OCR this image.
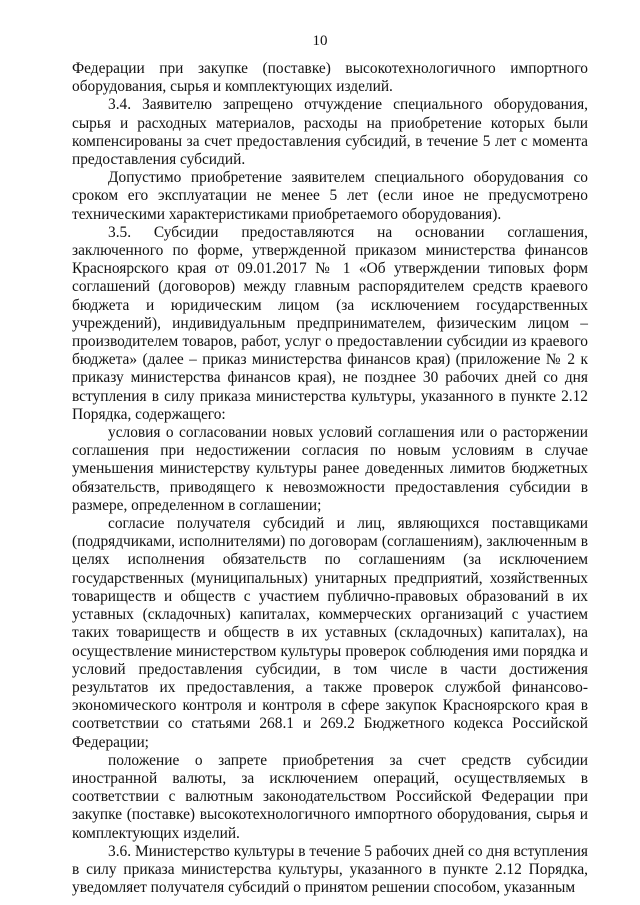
10

Федерации при закупке (поставке) высокотехнологичного импортного оборудования, сырья и комплектующих изделий.

3.4. Заявителю запрещено отчуждение специального оборудования, сырья и расходных материалов, расходы на приобретение которых были компенсированы за счет предоставления субсидий, в течение 5 лет с момента предоставления субсидий.

Допустимо приобретение заявителем специального оборудования со сроком его эксплуатации не менее 5 лет (если иное не предусмотрено техническими характеристиками приобретаемого оборудования).

3.5. Субсидии предоставляются на основании соглашения, заключенного по форме, утвержденной приказом министерства финансов Красноярского края от 09.01.2017 № 1 «Об утверждении типовых форм соглашений (договоров) между главным распорядителем средств краевого бюджета и юридическим лицом (за исключением государственных учреждений), индивидуальным предпринимателем, физическим лицом – производителем товаров, работ, услуг о предоставлении субсидии из краевого бюджета» (далее – приказ министерства финансов края) (приложение № 2 к приказу министерства финансов края), не позднее 30 рабочих дней со дня вступления в силу приказа министерства культуры, указанного в пункте 2.12 Порядка, содержащего:

условия о согласовании новых условий соглашения или о расторжении соглашения при недостижении согласия по новым условиям в случае уменьшения министерству культуры ранее доведенных лимитов бюджетных обязательств, приводящего к невозможности предоставления субсидии в размере, определенном в соглашении;

согласие получателя субсидий и лиц, являющихся поставщиками (подрядчиками, исполнителями) по договорам (соглашениям), заключенным в целях исполнения обязательств по соглашениям (за исключением государственных (муниципальных) унитарных предприятий, хозяйственных товариществ и обществ с участием публично-правовых образований в их уставных (складочных) капиталах, коммерческих организаций с участием таких товариществ и обществ в их уставных (складочных) капиталах), на осуществление министерством культуры проверок соблюдения ими порядка и условий предоставления субсидии, в том числе в части достижения результатов их предоставления, а также проверок службой финансово-экономического контроля и контроля в сфере закупок Красноярского края в соответствии со статьями 268.1 и 269.2 Бюджетного кодекса Российской Федерации;

положение о запрете приобретения за счет средств субсидии иностранной валюты, за исключением операций, осуществляемых в соответствии с валютным законодательством Российской Федерации при закупке (поставке) высокотехнологичного импортного оборудования, сырья и комплектующих изделий.

3.6. Министерство культуры в течение 5 рабочих дней со дня вступления в силу приказа министерства культуры, указанного в пункте 2.12 Порядка, уведомляет получателя субсидий о принятом решении способом, указанным
